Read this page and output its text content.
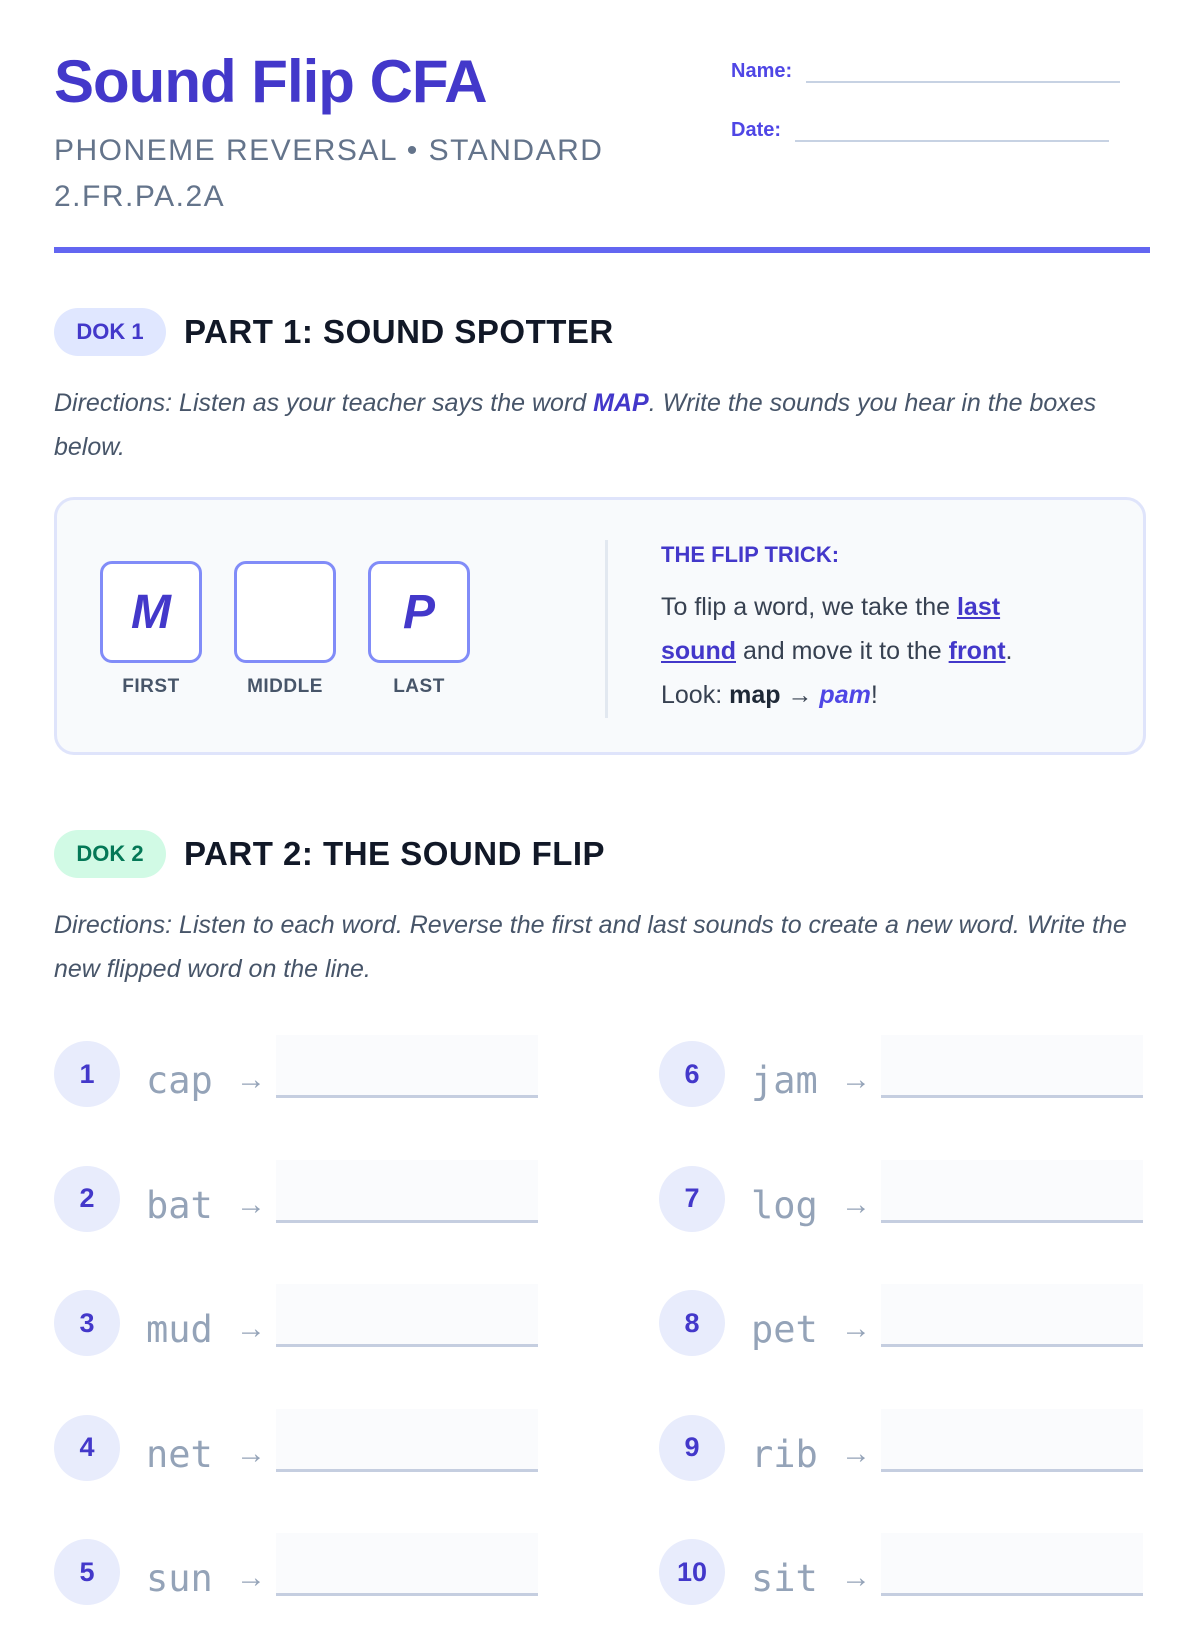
Sound Flip CFA
PHONEME REVERSAL • STANDARD 2.FR.PA.2A
Name:
Date:
DOK 1	PART 1: SOUND SPOTTER
Directions: Listen as your teacher says the word MAP. Write the sounds you hear in the boxes below.
M	P
FIRST	MIDDLE	LAST
THE FLIP TRICK:
To flip a word, we take the last sound and move it to the front.
Look: map → pam!
DOK 2	PART 2: THE SOUND FLIP
Directions: Listen to each word. Reverse the first and last sounds to create a new word. Write the new flipped word on the line.
1	cap →
2	bat →
3	mud →
4	net →
5	sun →
6	jam →
7	log →
8	pet →
9	rib →
10	sit →
